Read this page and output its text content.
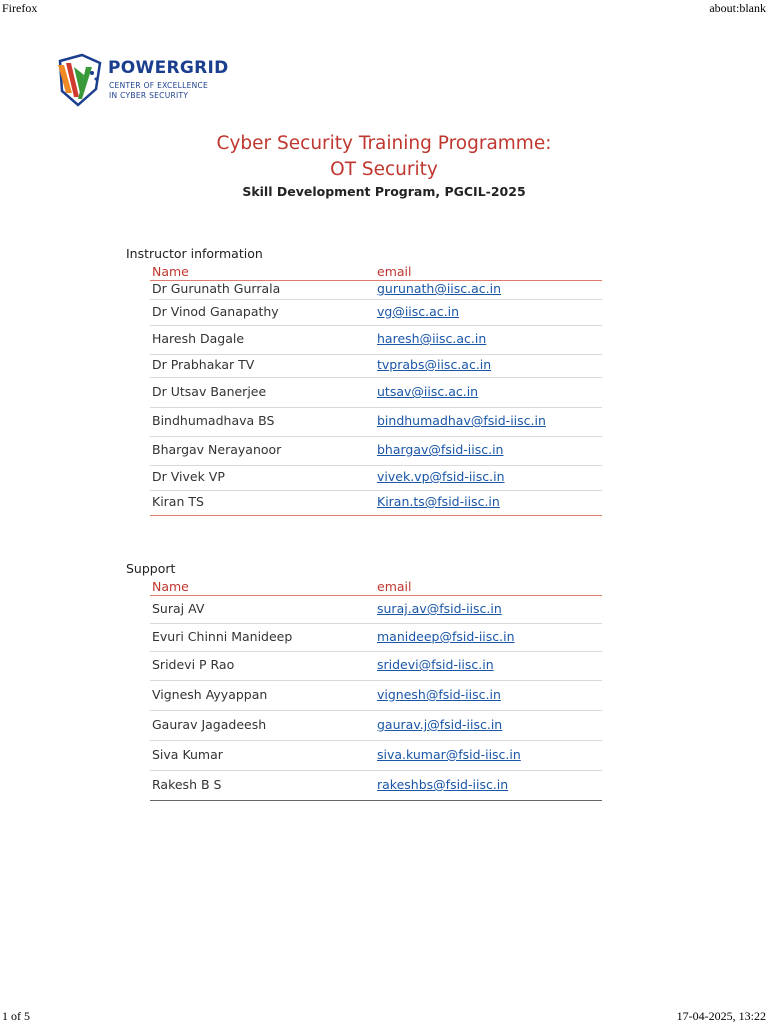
Firefox	about:blank
POWERGRID
CENTER OF EXCELLENCE
IN CYBER SECURITY
Cyber Security Training Programme:
OT Security
Skill Development Program, PGCIL-2025
Instructor information
Name	email
Dr Gurunath Gurrala	gurunath@iisc.ac.in
Dr Vinod Ganapathy	vg@iisc.ac.in
Haresh Dagale	haresh@iisc.ac.in
Dr Prabhakar TV	tvprabs@iisc.ac.in
Dr Utsav Banerjee	utsav@iisc.ac.in
Bindhumadhava BS	bindhumadhav@fsid-iisc.in
Bhargav Nerayanoor	bhargav@fsid-iisc.in
Dr Vivek VP	vivek.vp@fsid-iisc.in
Kiran TS	Kiran.ts@fsid-iisc.in
Support
Name	email
Suraj AV	suraj.av@fsid-iisc.in
Evuri Chinni Manideep	manideep@fsid-iisc.in
Sridevi P Rao	sridevi@fsid-iisc.in
Vignesh Ayyappan	vignesh@fsid-iisc.in
Gaurav Jagadeesh	gaurav.j@fsid-iisc.in
Siva Kumar	siva.kumar@fsid-iisc.in
Rakesh B S	rakeshbs@fsid-iisc.in
1 of 5	17-04-2025, 13:22
